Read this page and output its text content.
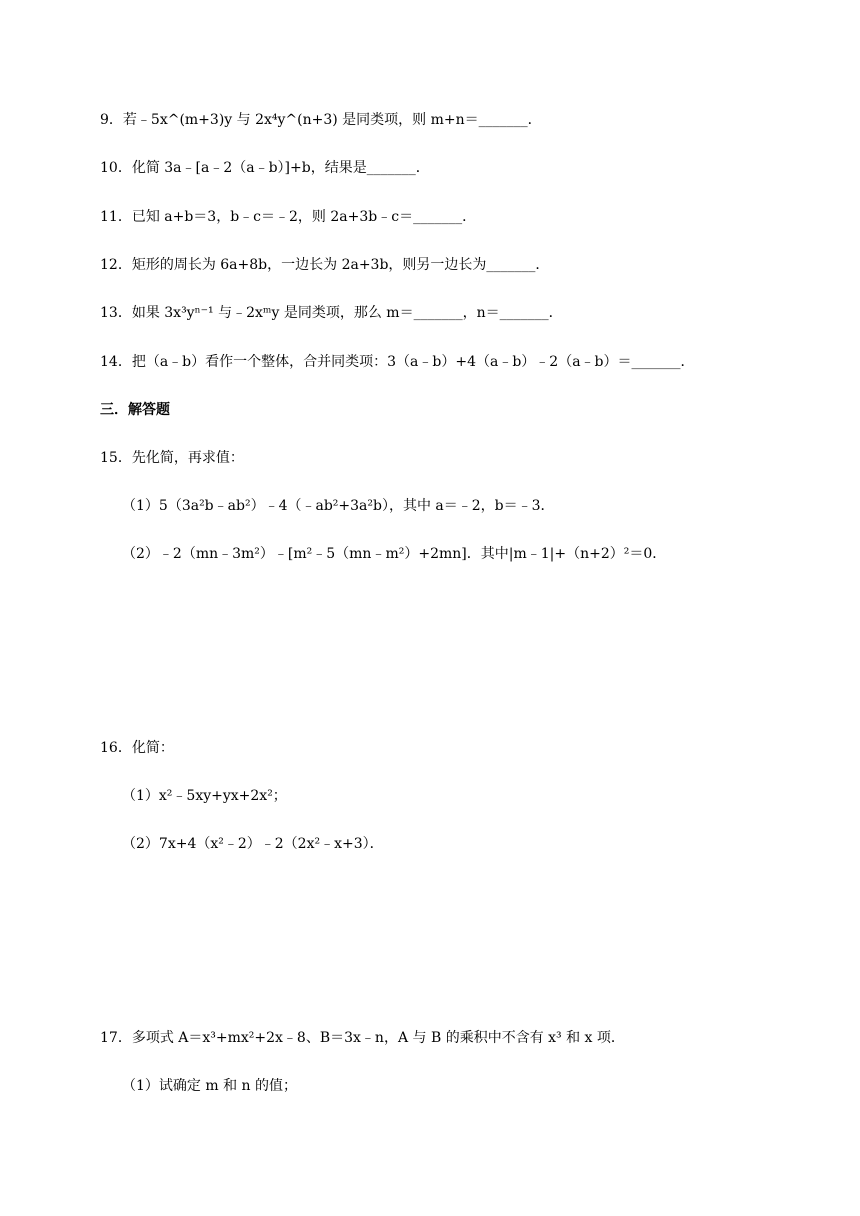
9．若﹣5x^(m+3)y 与 2x⁴y^(n+3) 是同类项，则 m+n＝_______．
10．化简 3a﹣[a﹣2（a﹣b）]+b，结果是_______．
11．已知 a+b＝3，b﹣c＝﹣2，则 2a+3b﹣c＝_______．
12．矩形的周长为 6a+8b，一边长为 2a+3b，则另一边长为_______．
13．如果 3x³yⁿ⁻¹ 与﹣2xᵐy 是同类项，那么 m＝_______，n＝_______．
14．把（a﹣b）看作一个整体，合并同类项：3（a﹣b）+4（a﹣b）﹣2（a﹣b）＝_______．
三．解答题
15．先化简，再求值：
（1）5（3a²b﹣ab²）﹣4（﹣ab²+3a²b），其中 a＝﹣2，b＝﹣3．
（2）﹣2（mn﹣3m²）﹣[m²﹣5（mn﹣m²）+2mn]．其中|m﹣1|+（n+2）²＝0．
16．化简：
（1）x²﹣5xy+yx+2x²；
（2）7x+4（x²﹣2）﹣2（2x²﹣x+3）．
17．多项式 A＝x³+mx²+2x﹣8、B＝3x﹣n，A 与 B 的乘积中不含有 x³ 和 x 项．
（1）试确定 m 和 n 的值；
